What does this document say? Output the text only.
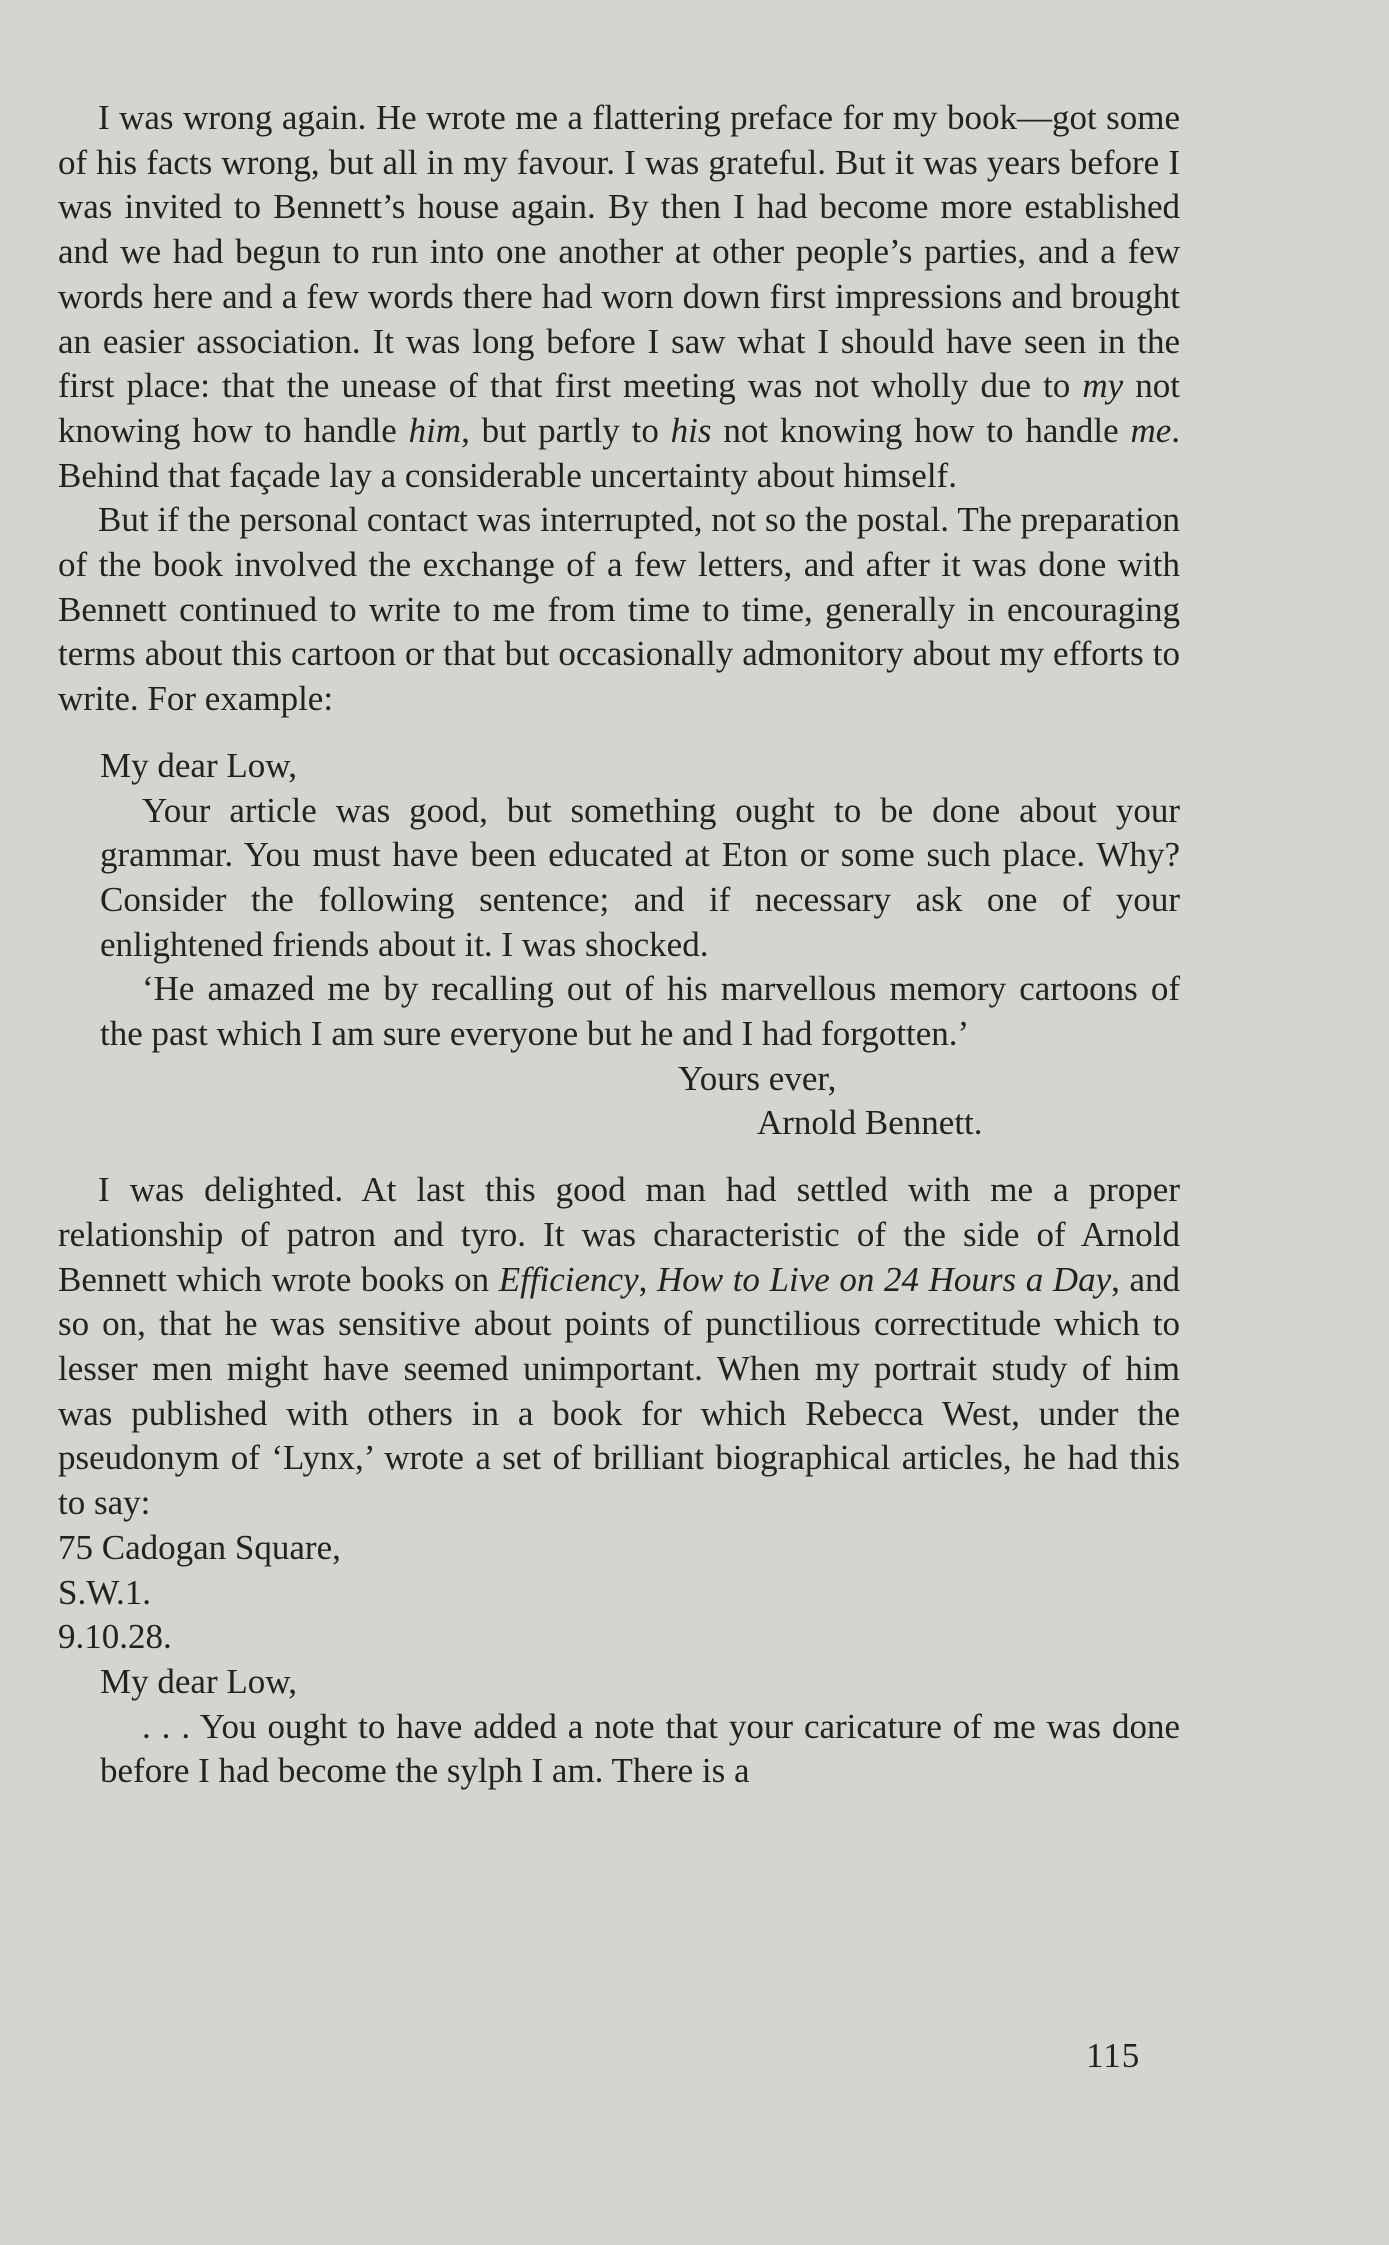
I was wrong again. He wrote me a flattering preface for my book—got some of his facts wrong, but all in my favour. I was grateful. But it was years before I was invited to Bennett’s house again. By then I had become more established and we had begun to run into one another at other people’s parties, and a few words here and a few words there had worn down first impressions and brought an easier association. It was long before I saw what I should have seen in the first place: that the unease of that first meeting was not wholly due to my not knowing how to handle him, but partly to his not knowing how to handle me. Behind that façade lay a considerable uncertainty about himself.

But if the personal contact was interrupted, not so the postal. The preparation of the book involved the exchange of a few letters, and after it was done with Bennett continued to write to me from time to time, generally in encouraging terms about this cartoon or that but occasionally admonitory about my efforts to write. For example:

My dear Low,

Your article was good, but something ought to be done about your grammar. You must have been educated at Eton or some such place. Why? Consider the following sentence; and if necessary ask one of your enlightened friends about it. I was shocked.

‘He amazed me by recalling out of his marvellous memory cartoons of the past which I am sure everyone but he and I had forgotten.’

Yours ever,

Arnold Bennett.

I was delighted. At last this good man had settled with me a proper relationship of patron and tyro. It was characteristic of the side of Arnold Bennett which wrote books on Efficiency, How to Live on 24 Hours a Day, and so on, that he was sensitive about points of punctilious correctitude which to lesser men might have seemed unimportant. When my portrait study of him was published with others in a book for which Rebecca West, under the pseudonym of ‘Lynx,’ wrote a set of brilliant biographical articles, he had this to say:

75 Cadogan Square,

S.W.1.

9.10.28.

My dear Low,

. . . You ought to have added a note that your caricature of me was done before I had become the sylph I am. There is a

115
